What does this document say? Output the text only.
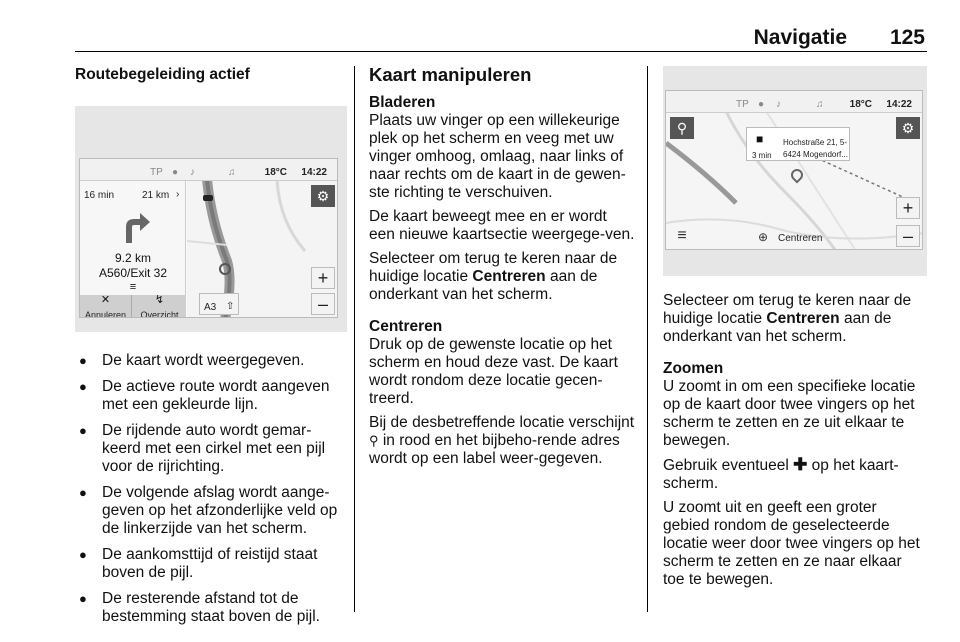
Navigatie 125
Routebegeleiding actief
TP ● ♪	♫	18°C 14:22
16 min	21 km ›
9.2 km
A560/Exit 32
≡
✕
Annuleren
↯
Overzicht
⚙
+
–
A3 ⇧
● De kaart wordt weergegeven.
● De actieve route wordt aangeven met een gekleurde lijn.
● De rijdende auto wordt gemar-keerd met een cirkel met een pijl voor de rijrichting.
● De volgende afslag wordt aange-geven op het afzonderlijke veld op de linkerzijde van het scherm.
● De aankomsttijd of reistijd staat boven de pijl.
● De resterende afstand tot de bestemming staat boven de pijl.
Kaart manipuleren
Bladeren

Plaats uw vinger op een willekeurige plek op het scherm en veeg met uw vinger omhoog, omlaag, naar links of naar rechts om de kaart in de gewen-ste richting te verschuiven.

De kaart beweegt mee en er wordt een nieuwe kaartsectie weergege-ven.

Selecteer om terug te keren naar de huidige locatie Centreren aan de onderkant van het scherm.

Centreren

Druk op de gewenste locatie op het scherm en houd deze vast. De kaart wordt rondom deze locatie gecen-treerd.

Bij de desbetreffende locatie verschijnt ⚲ in rood en het bijbeho-rende adres wordt op een label weer-gegeven.

TP ● ♪	♫	18°C 14:22
⚲	⚙
■
3 min
Hochstraße 21, 5-
6424 Mogendorf...
+
–
≡	⊕ Centreren

Selecteer om terug te keren naar de huidige locatie Centreren aan de onderkant van het scherm.

Zoomen

U zoomt in om een specifieke locatie op de kaart door twee vingers op het scherm te zetten en ze uit elkaar te bewegen.

Gebruik eventueel ✚ op het kaart-scherm.

U zoomt uit en geeft een groter gebied rondom de geselecteerde locatie weer door twee vingers op het scherm te zetten en ze naar elkaar toe te bewegen.
